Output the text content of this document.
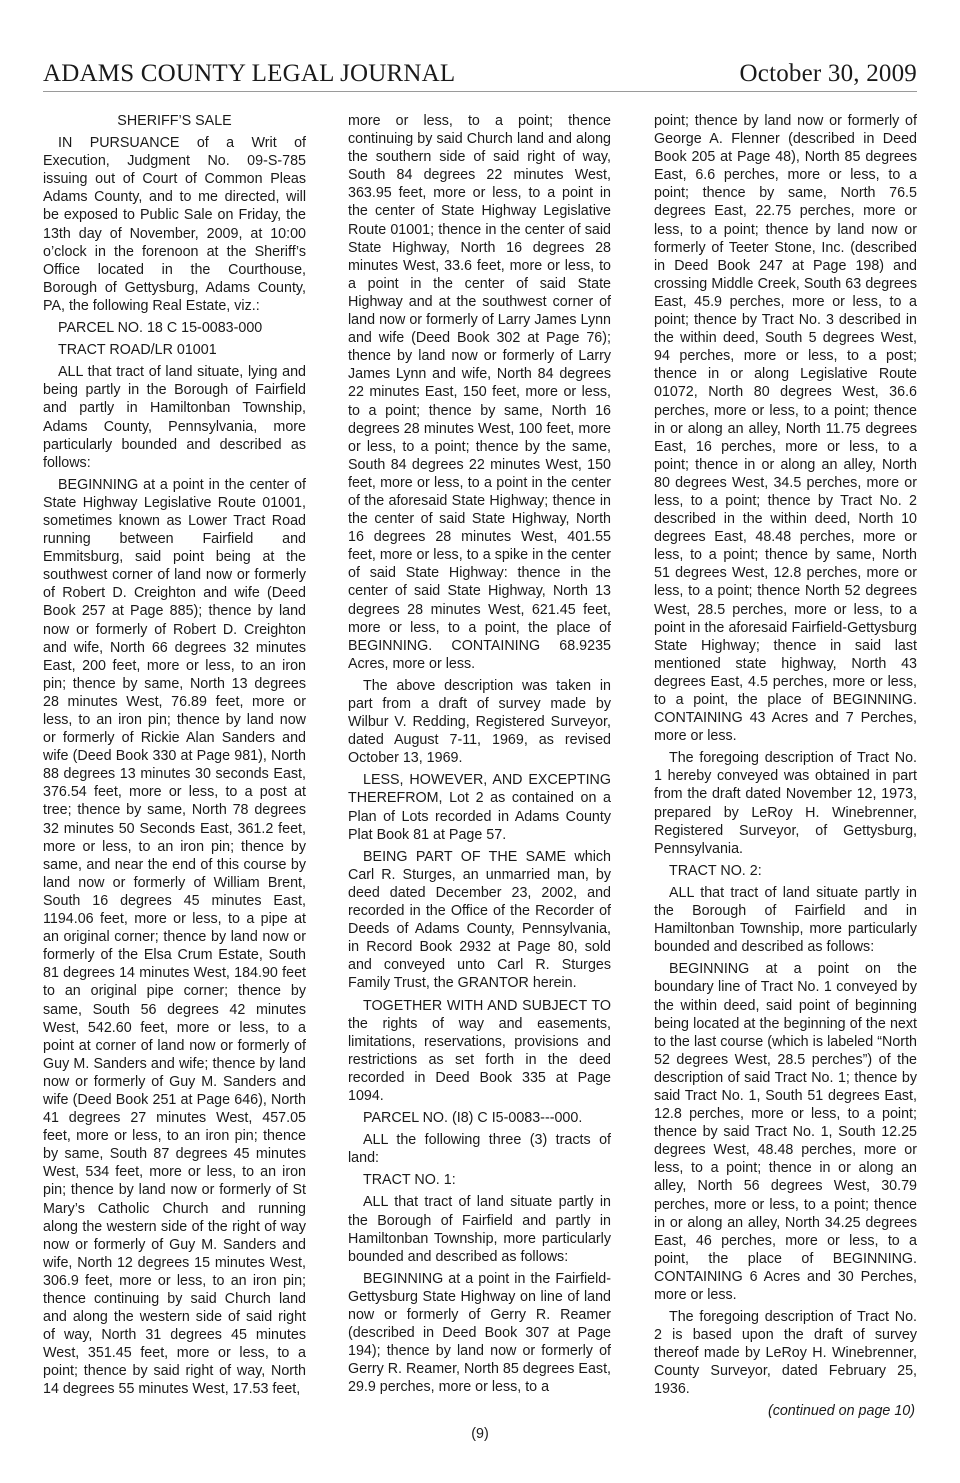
ADAMS COUNTY LEGAL JOURNAL	October 30, 2009

SHERIFF’S SALE

IN PURSUANCE of a Writ of Execution, Judgment No. 09-S-785 issuing out of Court of Common Pleas Adams County, and to me directed, will be exposed to Public Sale on Friday, the 13th day of November, 2009, at 10:00 o’clock in the forenoon at the Sheriff’s Office located in the Courthouse, Borough of Gettysburg, Adams County, PA, the following Real Estate, viz.:

PARCEL NO. 18 C 15-0083-000

TRACT ROAD/LR 01001

ALL that tract of land situate, lying and being partly in the Borough of Fairfield and partly in Hamiltonban Township, Adams County, Pennsylvania, more particularly bounded and described as follows:

BEGINNING at a point in the center of State Highway Legislative Route 01001, sometimes known as Lower Tract Road running between Fairfield and Emmitsburg, said point being at the southwest corner of land now or formerly of Robert D. Creighton and wife (Deed Book 257 at Page 885); thence by land now or formerly of Robert D. Creighton and wife, North 66 degrees 32 minutes East, 200 feet, more or less, to an iron pin; thence by same, North 13 degrees 28 minutes West, 76.89 feet, more or less, to an iron pin; thence by land now or formerly of Rickie Alan Sanders and wife (Deed Book 330 at Page 981), North 88 degrees 13 minutes 30 seconds East, 376.54 feet, more or less, to a post at tree; thence by same, North 78 degrees 32 minutes 50 Seconds East, 361.2 feet, more or less, to an iron pin; thence by same, and near the end of this course by land now or formerly of William Brent, South 16 degrees 45 minutes East, 1194.06 feet, more or less, to a pipe at an original corner; thence by land now or formerly of the Elsa Crum Estate, South 81 degrees 14 minutes West, 184.90 feet to an original pipe corner; thence by same, South 56 degrees 42 minutes West, 542.60 feet, more or less, to a point at corner of land now or formerly of Guy M. Sanders and wife; thence by land now or formerly of Guy M. Sanders and wife (Deed Book 251 at Page 646), North 41 degrees 27 minutes West, 457.05 feet, more or less, to an iron pin; thence by same, South 87 degrees 45 minutes West, 534 feet, more or less, to an iron pin; thence by land now or formerly of St Mary’s Catholic Church and running along the western side of the right of way now or formerly of Guy M. Sanders and wife, North 12 degrees 15 minutes West, 306.9 feet, more or less, to an iron pin; thence continuing by said Church land and along the western side of said right of way, North 31 degrees 45 minutes West, 351.45 feet, more or less, to a point; thence by said right of way, North 14 degrees 55 minutes West, 17.53 feet,

more or less, to a point; thence continuing by said Church land and along the southern side of said right of way, South 84 degrees 22 minutes West, 363.95 feet, more or less, to a point in the center of State Highway Legislative Route 01001; thence in the center of said State Highway, North 16 degrees 28 minutes West, 33.6 feet, more or less, to a point in the center of said State Highway and at the southwest corner of land now or formerly of Larry James Lynn and wife (Deed Book 302 at Page 76); thence by land now or formerly of Larry James Lynn and wife, North 84 degrees 22 minutes East, 150 feet, more or less, to a point; thence by same, North 16 degrees 28 minutes West, 100 feet, more or less, to a point; thence by the same, South 84 degrees 22 minutes West, 150 feet, more or less, to a point in the center of the aforesaid State Highway; thence in the center of said State Highway, North 16 degrees 28 minutes West, 401.55 feet, more or less, to a spike in the center of said State Highway: thence in the center of said State Highway, North 13 degrees 28 minutes West, 621.45 feet, more or less, to a point, the place of BEGINNING. CONTAINING 68.9235 Acres, more or less.

The above description was taken in part from a draft of survey made by Wilbur V. Redding, Registered Surveyor, dated August 7-11, 1969, as revised October 13, 1969.

LESS, HOWEVER, AND EXCEPTING THEREFROM, Lot 2 as contained on a Plan of Lots recorded in Adams County Plat Book 81 at Page 57.

BEING PART OF THE SAME which Carl R. Sturges, an unmarried man, by deed dated December 23, 2002, and recorded in the Office of the Recorder of Deeds of Adams County, Pennsylvania, in Record Book 2932 at Page 80, sold and conveyed unto Carl R. Sturges Family Trust, the GRANTOR herein.

TOGETHER WITH AND SUBJECT TO the rights of way and easements, limitations, reservations, provisions and restrictions as set forth in the deed recorded in Deed Book 335 at Page 1094.

PARCEL NO. (I8) C I5-0083---000.

ALL the following three (3) tracts of land:

TRACT NO. 1:

ALL that tract of land situate partly in the Borough of Fairfield and partly in Hamiltonban Township, more particularly bounded and described as follows:

BEGINNING at a point in the Fairfield-Gettysburg State Highway on line of land now or formerly of Gerry R. Reamer (described in Deed Book 307 at Page 194); thence by land now or formerly of Gerry R. Reamer, North 85 degrees East, 29.9 perches, more or less, to a

point; thence by land now or formerly of George A. Flenner (described in Deed Book 205 at Page 48), North 85 degrees East, 6.6 perches, more or less, to a point; thence by same, North 76.5 degrees East, 22.75 perches, more or less, to a point; thence by land now or formerly of Teeter Stone, Inc. (described in Deed Book 247 at Page 198) and crossing Middle Creek, South 63 degrees East, 45.9 perches, more or less, to a point; thence by Tract No. 3 described in the within deed, South 5 degrees West, 94 perches, more or less, to a post; thence in or along Legislative Route 01072, North 80 degrees West, 36.6 perches, more or less, to a point; thence in or along an alley, North 11.75 degrees East, 16 perches, more or less, to a point; thence in or along an alley, North 80 degrees West, 34.5 perches, more or less, to a point; thence by Tract No. 2 described in the within deed, North 10 degrees East, 48.48 perches, more or less, to a point; thence by same, North 51 degrees West, 12.8 perches, more or less, to a point; thence North 52 degrees West, 28.5 perches, more or less, to a point in the aforesaid Fairfield-Gettysburg State Highway; thence in said last mentioned state highway, North 43 degrees East, 4.5 perches, more or less, to a point, the place of BEGINNING. CONTAINING 43 Acres and 7 Perches, more or less.

The foregoing description of Tract No. 1 hereby conveyed was obtained in part from the draft dated November 12, 1973, prepared by LeRoy H. Winebrenner, Registered Surveyor, of Gettysburg, Pennsylvania.

TRACT NO. 2:

ALL that tract of land situate partly in the Borough of Fairfield and in Hamiltonban Township, more particularly bounded and described as follows:

BEGINNING at a point on the boundary line of Tract No. 1 conveyed by the within deed, said point of beginning being located at the beginning of the next to the last course (which is labeled “North 52 degrees West, 28.5 perches”) of the description of said Tract No. 1; thence by said Tract No. 1, South 51 degrees East, 12.8 perches, more or less, to a point; thence by said Tract No. 1, South 12.25 degrees West, 48.48 perches, more or less, to a point; thence in or along an alley, North 56 degrees West, 30.79 perches, more or less, to a point; thence in or along an alley, North 34.25 degrees East, 46 perches, more or less, to a point, the place of BEGINNING. CONTAINING 6 Acres and 30 Perches, more or less.

The foregoing description of Tract No. 2 is based upon the draft of survey thereof made by LeRoy H. Winebrenner, County Surveyor, dated February 25, 1936.

(continued on page 10)
(9)
